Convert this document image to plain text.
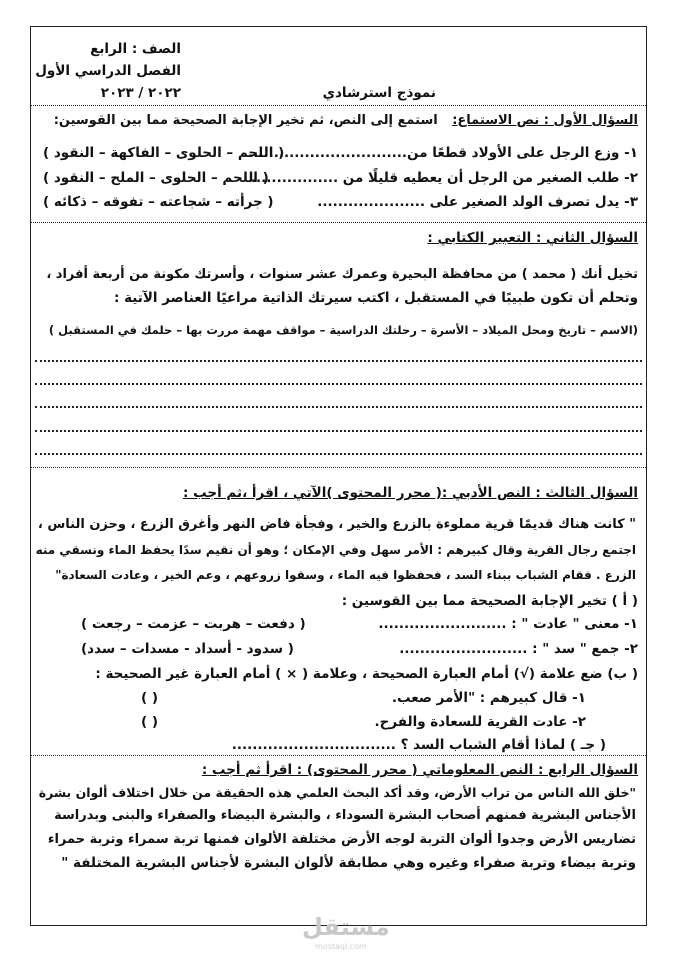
الصف : الرابع
الفصل الدراسي الأول
٢٠٢٢ / ٢٠٢٣	نموذج استرشادي
السؤال الأول : نص الاستماع: استمع إلى النص، ثم تخير الإجابة الصحيحة مما بين القوسين:
١- وزع الرجل على الأولاد قطعًا من...............................
( اللحم – الحلوى – الفاكهة – النقود )
٢- طلب الصغير من الرجل أن يعطيه قليلًا من .................
( اللحم – الحلوى – الملح – النقود )
٣- يدل تصرف الولد الصغير على .....................
( جرأته – شجاعته – تفوقه – ذكائه )
السؤال الثاني : التعبير الكتابي :
تخيل أنك ( محمد ) من محافظة البحيرة وعمرك عشر سنوات ، وأسرتك مكونة من أربعة أفراد ،
وتحلم أن تكون طبيبًا في المستقبل ، اكتب سيرتك الذاتية مراعيًا العناصر الآتية :
(الاسم – تاريخ ومحل الميلاد – الأسرة – رحلتك الدراسية – مواقف مهمة مررت بها – حلمك في المستقبل )
السؤال الثالث : النص الأدبي :( محرر المحتوى )الآتي ، اقرأ ،ثم أجب :
" كانت هناك قديمًا قرية مملوءة بالزرع والخير ، وفجأة فاض النهر وأغرق الزرع ، وحزن الناس ،
اجتمع رجال القرية وقال كبيرهم : الأمر سهل وفي الإمكان ؛ وهو أن نقيم سدًا يحفظ الماء ونسقي منه
الزرع . فقام الشباب ببناء السد ، فحفظوا فيه الماء ، وسقوا زروعهم ، وعم الخير ، وعادت السعادة"
( أ ) تخير الإجابة الصحيحة مما بين القوسين :
١- معنى " عادت " : .........................
( دفعت – هربت – عزمت – رجعت )
٢- جمع " سد " : .........................
( سدود - أسداد - مسدات – سدد)
( ب) ضع علامة (√) أمام العبارة الصحيحة ، وعلامة ( × ) أمام العبارة غير الصحيحة :
١- قال كبيرهم : "الأمر صعب.
( )
٢- عادت القرية للسعادة والفرح.
( )
( جـ ) لماذا أقام الشباب السد ؟ ................................
السؤال الرابع : النص المعلوماتي ( محرر المحتوى) : اقرأ ثم أجب :
"خلق الله الناس من تراب الأرض، وقد أكد البحث العلمي هذه الحقيقة من خلال اختلاف ألوان بشرة
الأجناس البشرية فمنهم أصحاب البشرة السوداء ، والبشرة البيضاء والصفراء والبنى وبدراسة
تضاريس الأرض وجدوا ألوان التربة لوجه الأرض مختلفة الألوان فمنها تربة سمراء وتربة حمراء
وتربة بيضاء وتربة صفراء وغيره وهي مطابقة لألوان البشرة لأجناس البشرية المختلفة "
مستقل
mostaql.com
